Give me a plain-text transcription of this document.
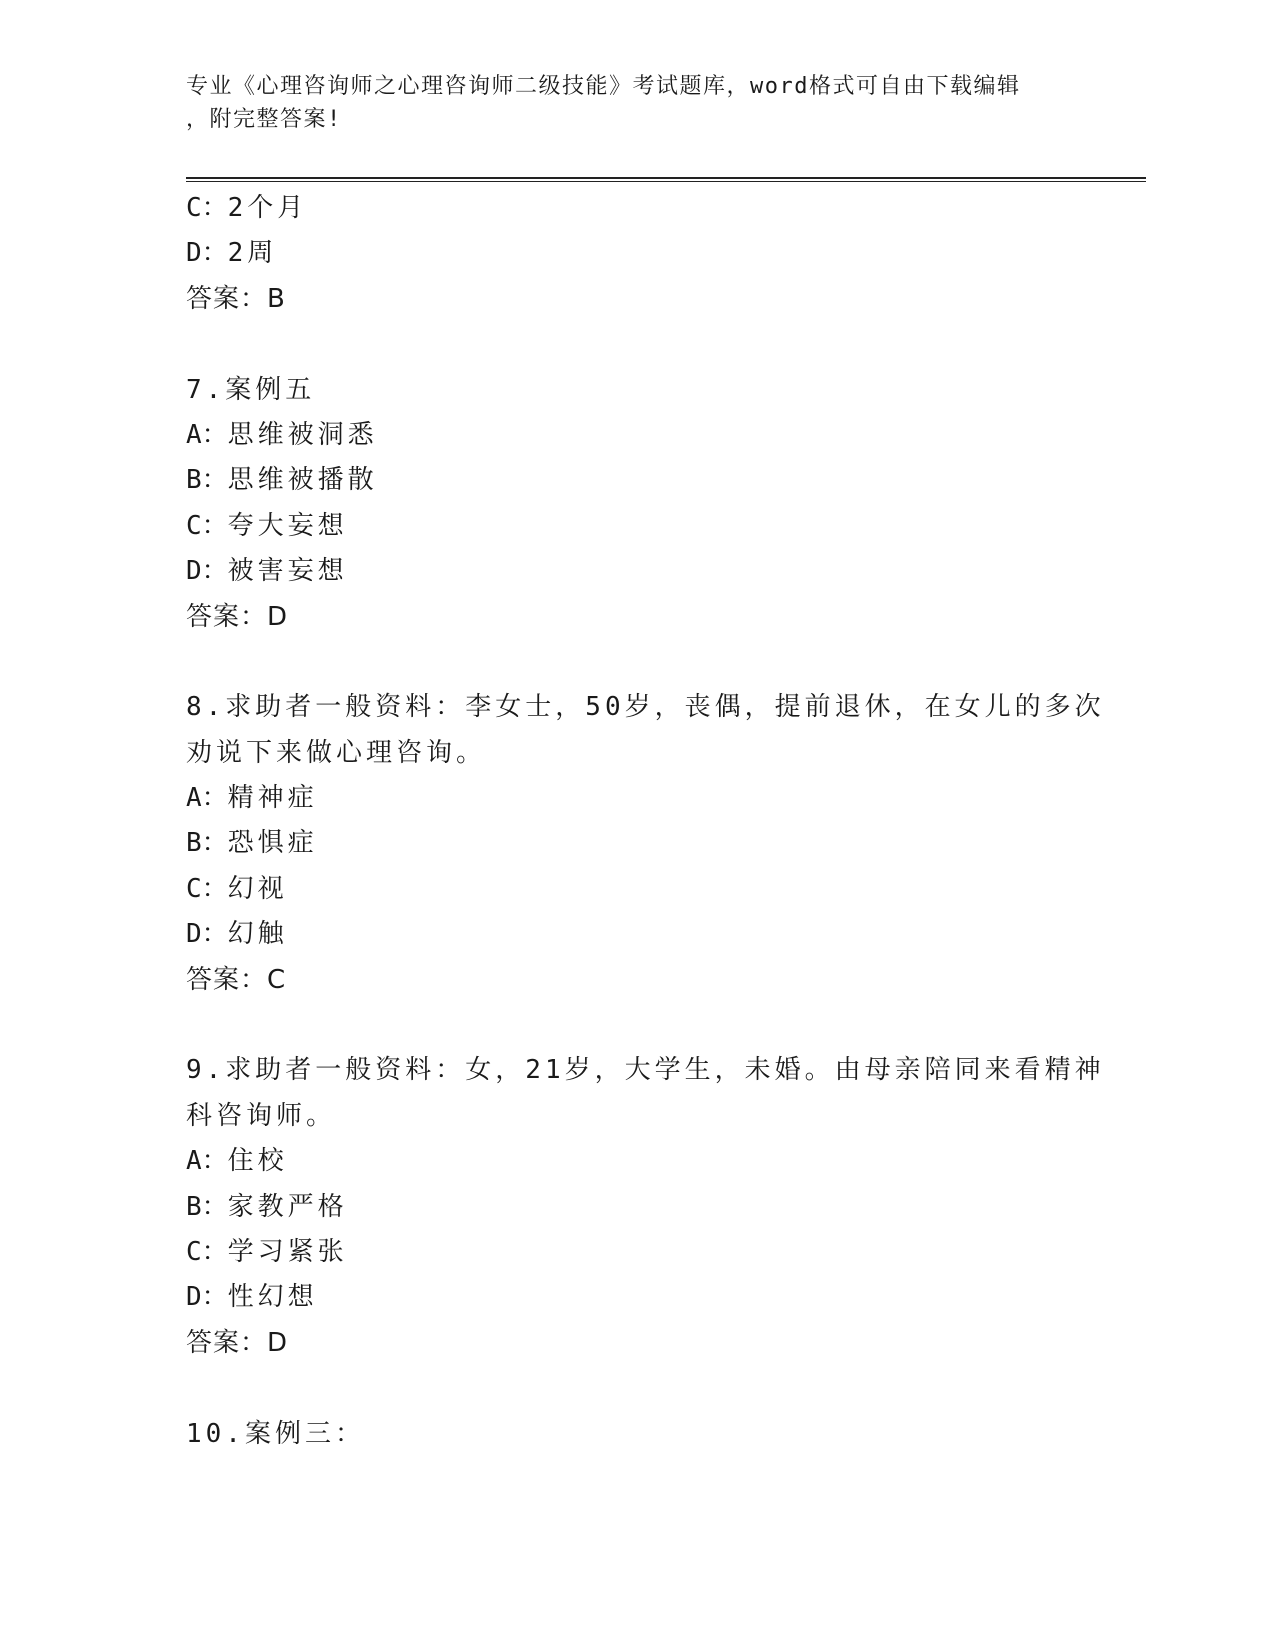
专业《心理咨询师之心理咨询师二级技能》考试题库，word格式可自由下载编辑

，附完整答案!

C：2个月
D：2周
答案：B
7.案例五
A：思维被洞悉
B：思维被播散
C：夸大妄想
D：被害妄想
答案：D
8.求助者一般资料：李女士，50岁，丧偶，提前退休，在女儿的多次
劝说下来做心理咨询。
A：精神症
B：恐惧症
C：幻视
D：幻触
答案：C
9.求助者一般资料：女，21岁，大学生，未婚。由母亲陪同来看精神
科咨询师。
A：住校
B：家教严格
C：学习紧张
D：性幻想
答案：D
10.案例三：
